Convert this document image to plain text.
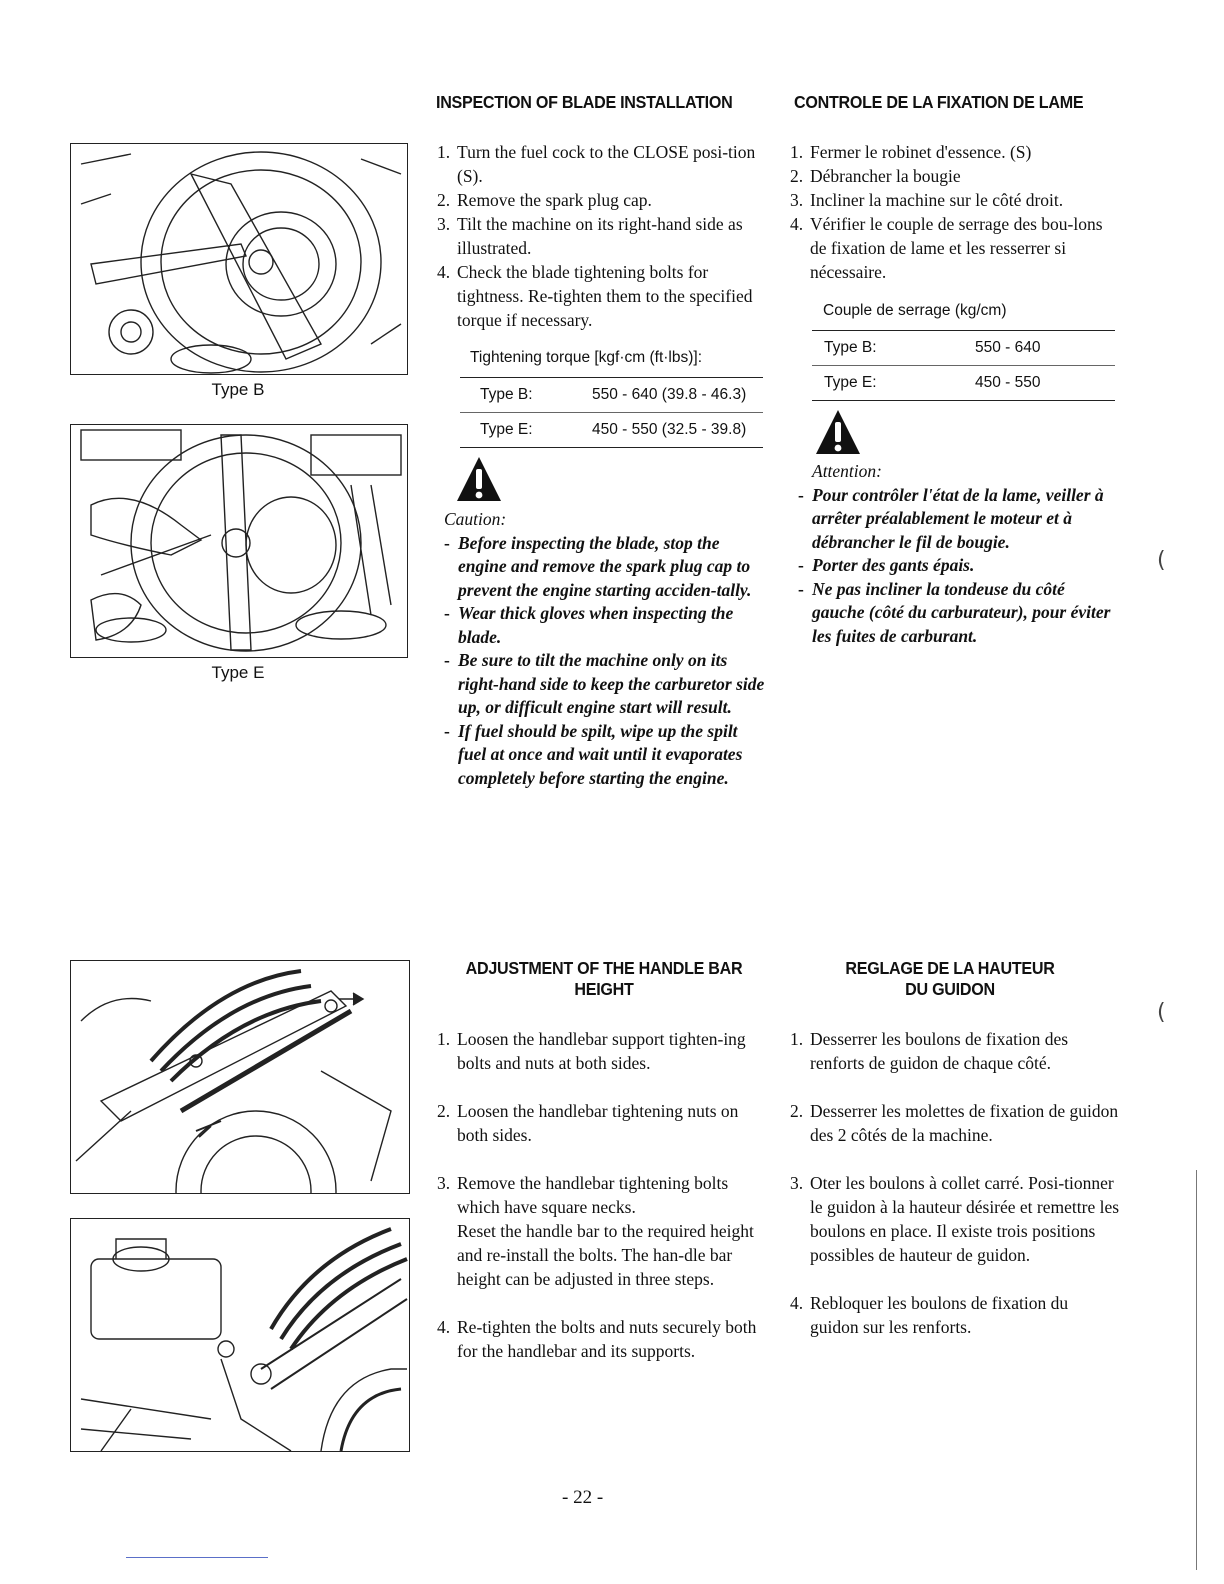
Type B
Type E
INSPECTION OF BLADE INSTALLATION
1. Turn the fuel cock to the CLOSE posi-tion (S).
2. Remove the spark plug cap.
3. Tilt the machine on its right-hand side as illustrated.
4. Check the blade tightening bolts for tightness. Re-tighten them to the specified torque if necessary.
Tightening torque [kgf·cm (ft·lbs)]:
Type B:	550 - 640 (39.8 - 46.3)
Type E:	450 - 550 (32.5 - 39.8)
Caution:
- Before inspecting the blade, stop the engine and remove the spark plug cap to prevent the engine starting acciden-tally.
- Wear thick gloves when inspecting the blade.
- Be sure to tilt the machine only on its right-hand side to keep the carburetor side up, or difficult engine start will result.
- If fuel should be spilt, wipe up the spilt fuel at once and wait until it evaporates completely before starting the engine.
CONTROLE DE LA FIXATION DE LAME
1. Fermer le robinet d'essence. (S)
2. Débrancher la bougie
3. Incliner la machine sur le côté droit.
4. Vérifier le couple de serrage des bou-lons de fixation de lame et les resserrer si nécessaire.
Couple de serrage (kg/cm)
Type B:	550 - 640
Type E:	450 - 550
Attention:
- Pour contrôler l'état de la lame, veiller à arrêter préalablement le moteur et à débrancher le fil de bougie.
- Porter des gants épais.
- Ne pas incliner la tondeuse du côté gauche (côté du carburateur), pour éviter les fuites de carburant.
ADJUSTMENT OF THE HANDLE BAR
HEIGHT
1. Loosen the handlebar support tighten-ing bolts and nuts at both sides.
2. Loosen the handlebar tightening nuts on both sides.
3. Remove the handlebar tightening bolts which have square necks.
Reset the handle bar to the required height and re-install the bolts. The han-dle bar height can be adjusted in three steps.
4. Re-tighten the bolts and nuts securely both for the handlebar and its supports.
REGLAGE DE LA HAUTEUR
DU GUIDON
1. Desserrer les boulons de fixation des renforts de guidon de chaque côté.
2. Desserrer les molettes de fixation de guidon des 2 côtés de la machine.
3. Oter les boulons à collet carré. Posi-tionner le guidon à la hauteur désirée et remettre les boulons en place. Il existe trois positions possibles de hauteur de guidon.
4. Rebloquer les boulons de fixation du guidon sur les renforts.
- 22 -
(
(
